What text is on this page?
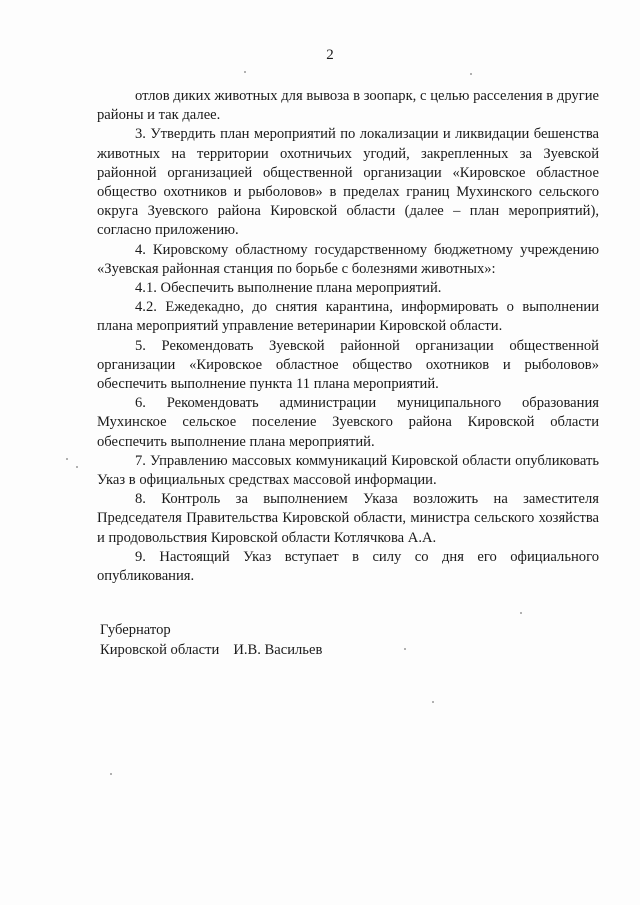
2

отлов диких животных для вывоза в зоопарк, с целью расселения в другие районы и так далее.

3. Утвердить план мероприятий по локализации и ликвидации бешенства животных на территории охотничьих угодий, закрепленных за Зуевской районной организацией общественной организации «Кировское областное общество охотников и рыболовов» в пределах границ Мухинского сельского округа Зуевского района Кировской области (далее – план мероприятий), согласно приложению.

4. Кировскому областному государственному бюджетному учреждению «Зуевская районная станция по борьбе с болезнями животных»:

4.1. Обеспечить выполнение плана мероприятий.

4.2. Ежедекадно, до снятия карантина, информировать о выполнении плана мероприятий управление ветеринарии Кировской области.

5. Рекомендовать Зуевской районной организации общественной организации «Кировское областное общество охотников и рыболовов» обеспечить выполнение пункта 11 плана мероприятий.

6. Рекомендовать администрации муниципального образования Мухинское сельское поселение Зуевского района Кировской области обеспечить выполнение плана мероприятий.

7. Управлению массовых коммуникаций Кировской области опубликовать Указ в официальных средствах массовой информации.

8. Контроль за выполнением Указа возложить на заместителя Председателя Правительства Кировской области, министра сельского хозяйства и продовольствия Кировской области Котлячкова А.А.

9. Настоящий Указ вступает в силу со дня его официального опубликования.

Губернатор
Кировской области И.В. Васильев
